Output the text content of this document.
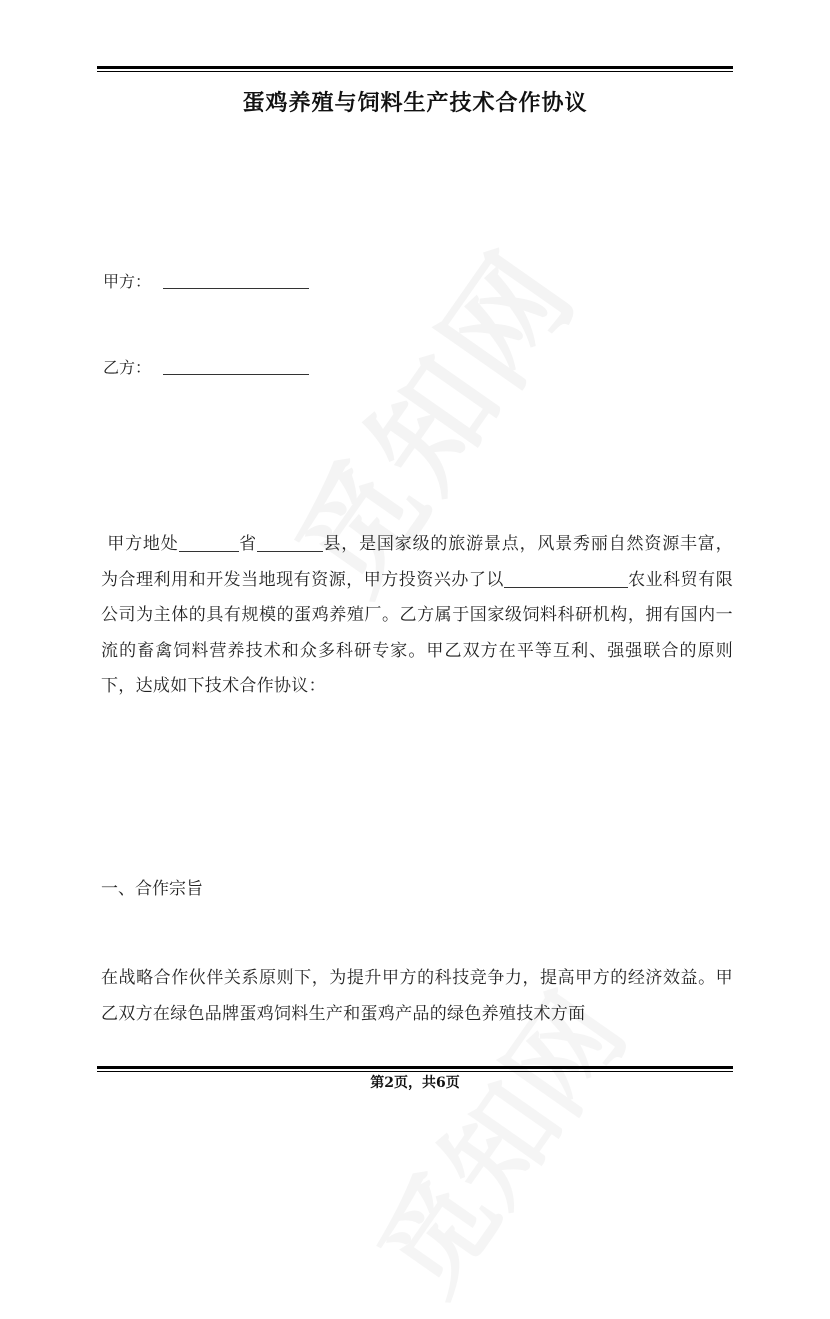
蛋鸡养殖与饲料生产技术合作协议
甲方：
乙方：

甲方地处	省	县，是国家级的旅游景点，风景秀丽自然资源丰富，为合理利用和开发当地现有资源，甲方投资兴办了以	农业科贸有限公司为主体的具有规模的蛋鸡养殖厂。乙方属于国家级饲料科研机构，拥有国内一流的畜禽饲料营养技术和众多科研专家。甲乙双方在平等互利、强强联合的原则下，达成如下技术合作协议：

一、合作宗旨

在战略合作伙伴关系原则下，为提升甲方的科技竞争力，提高甲方的经济效益。甲乙双方在绿色品牌蛋鸡饲料生产和蛋鸡产品的绿色养殖技术方面

第2页，共6页
